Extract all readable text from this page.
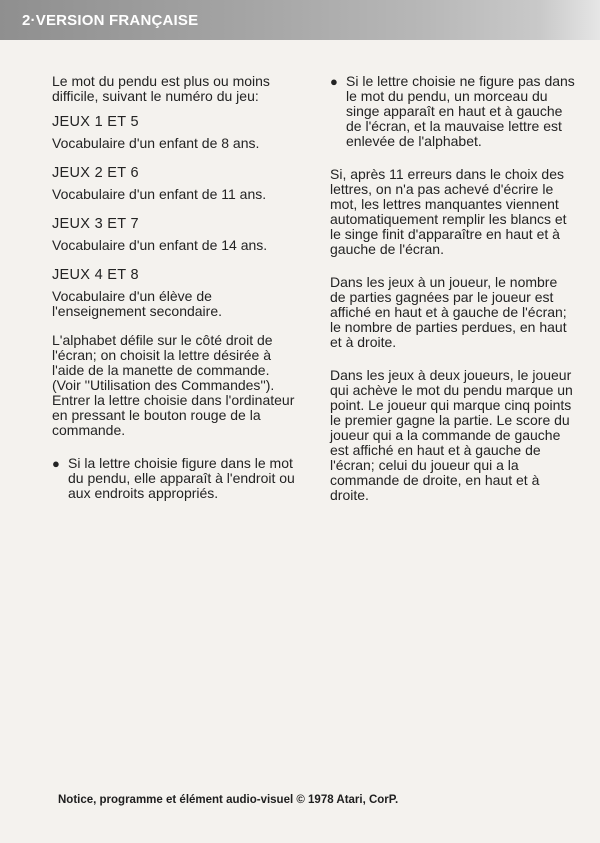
2·VERSION FRANÇAISE

Le mot du pendu est plus ou moins difficile, suivant le numéro du jeu:

JEUX 1 ET 5

Vocabulaire d'un enfant de 8 ans.

JEUX 2 ET 6

Vocabulaire d'un enfant de 11 ans.

JEUX 3 ET 7

Vocabulaire d'un enfant de 14 ans.

JEUX 4 ET 8

Vocabulaire d'un élève de l'enseignement secondaire.

L'alphabet défile sur le côté droit de l'écran; on choisit la lettre désirée à l'aide de la manette de commande. (Voir ''Utilisation des Commandes''). Entrer la lettre choisie dans l'ordinateur en pressant le bouton rouge de la commande.

● Si la lettre choisie figure dans le mot du pendu, elle apparaît à l'endroit ou aux endroits appropriés.
● Si le lettre choisie ne figure pas dans le mot du pendu, un morceau du singe apparaît en haut et à gauche de l'écran, et la mauvaise lettre est enlevée de l'alphabet.

Si, après 11 erreurs dans le choix des lettres, on n'a pas achevé d'écrire le mot, les lettres manquantes viennent automatiquement remplir les blancs et le singe finit d'apparaître en haut et à gauche de l'écran.

Dans les jeux à un joueur, le nombre de parties gagnées par le joueur est affiché en haut et à gauche de l'écran; le nombre de parties perdues, en haut et à droite.

Dans les jeux à deux joueurs, le joueur qui achève le mot du pendu marque un point. Le joueur qui marque cinq points le premier gagne la partie. Le score du joueur qui a la commande de gauche est affiché en haut et à gauche de l'écran; celui du joueur qui a la commande de droite, en haut et à droite.

Notice, programme et élément audio-visuel © 1978 Atari, CorP.
